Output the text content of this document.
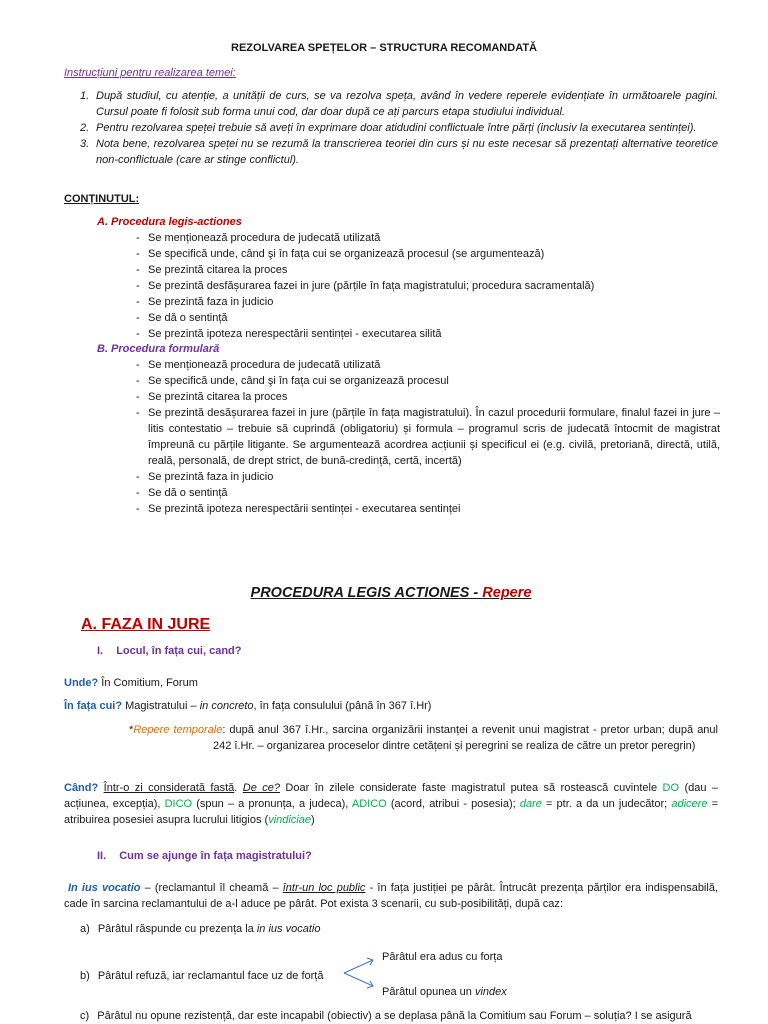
REZOLVAREA SPEȚELOR – STRUCTURA RECOMANDATĂ
Instrucțiuni pentru realizarea temei:
1. După studiul, cu atenție, a unității de curs, se va rezolva speța, având în vedere reperele evidențiate în următoarele pagini. Cursul poate fi folosit sub forma unui cod, dar doar după ce ați parcurs etapa studiului individual.
2. Pentru rezolvarea speței trebuie să aveți în exprimare doar atidudini conflictuale între părți (inclusiv la executarea sentinței).
3. Nota bene, rezolvarea speței nu se rezumă la transcrierea teoriei din curs și nu este necesar să prezentați alternative teoretice non-conflictuale (care ar stinge conflictul).
CONȚINUTUL:
A. Procedura legis-actiones
- Se menționează procedura de judecată utilizată
- Se specifică unde, când şi în fața cui se organizează procesul (se argumentează)
- Se prezintă citarea la proces
- Se prezintă desfășurarea fazei in jure (părțile în fața magistratului; procedura sacramentală)
- Se prezintă faza in judicio
- Se dă o sentință
- Se prezintă ipoteza nerespectării sentinței - executarea silită
B. Procedura formulară
- Se menționează procedura de judecată utilizată
- Se specifică unde, când şi în fața cui se organizează procesul
- Se prezintă citarea la proces
- Se prezintă desășurarea fazei in jure (părțile în fața magistratului). În cazul procedurii formulare, finalul fazei in jure – litis contestatio – trebuie să cuprindă (obligatoriu) și formula – programul scris de judecată întocmit de magistrat împreună cu părțile litigante. Se argumentează acordrea acțiunii și specificul ei (e.g. civilă, pretoriană, directă, utilă, reală, personală, de drept strict, de bună-credință, certă, incertă)
- Se prezintă faza in judicio
- Se dă o sentință
- Se prezintă ipoteza nerespectării sentinței - executarea sentinței
PROCEDURA LEGIS ACTIONES - Repere
A. FAZA IN JURE
I. Locul, în fața cui, cand?
Unde? În Comitium, Forum
În fața cui? Magistratului – in concreto, în fața consulului (până în 367 î.Hr)
*Repere temporale: după anul 367 î.Hr., sarcina organizării instanței a revenit unui magistrat - pretor urban; după anul 242 î.Hr. – organizarea proceselor dintre cetățeni și peregrini se realiza de către un pretor peregrin)
Când? Într-o zi considerată fastă. De ce? Doar în zilele considerate faste magistratul putea să rostească cuvintele DO (dau – acțiunea, excepția), DICO (spun – a pronunța, a judeca), ADICO (acord, atribui - posesia); dare = ptr. a da un judecător; adicere = atribuirea posesiei asupra lucrului litigios (vindiciae)
II. Cum se ajunge în fața magistratului?
In ius vocatio – (reclamantul îl cheamă – într-un loc public - în fața justiției pe pârât. Întrucât prezența părților era indispensabilă, cade în sarcina reclamantului de a-l aduce pe pârât. Pot exista 3 scenarii, cu sub-posibilități, după caz:
a) Pârâtul răspunde cu prezența la in ius vocatio
Pârâtul era adus cu forța
b) Pârâtul refuză, iar reclamantul face uz de forță
Pârâtul opunea un vindex
c) Pârâtul nu opune rezistență, dar este incapabil (obiectiv) a se deplasa până la Comitium sau Forum – soluția? I se asigură
